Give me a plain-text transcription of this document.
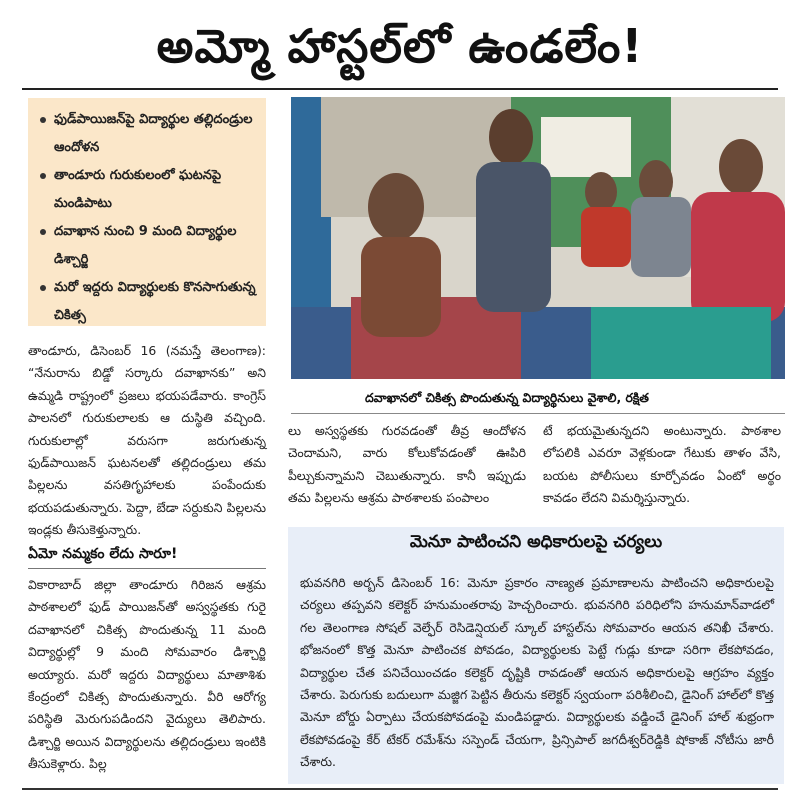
అమ్మో హాస్టల్‌లో ఉండలేం!
ఫుడ్‌పాయిజన్‌పై విద్యార్థుల తల్లిదండ్రుల ఆందోళన
తాండూరు గురుకులంలో ఘటనపై మండిపాటు
దవాఖాన నుంచి 9 మంది విద్యార్థుల డిశ్చార్జి
మరో ఇద్దరు విద్యార్థులకు కొనసాగుతున్న చికిత్స

తాండూరు, డిసెంబర్ 16 (నమస్తే తెలంగాణ): “నేనురాను బిడ్డో సర్కారు దవాఖానకు” అని ఉమ్మడి రాష్ట్రంలో ప్రజలు భయపడేవారు. కాంగ్రెస్ పాలనలో గురుకులాలకు ఆ దుస్థితి వచ్చింది. గురుకులాల్లో వరుసగా జరుగుతున్న ఫుడ్‌పాయిజన్ ఘటనలతో తల్లిదండ్రులు తమ పిల్లలను వసతిగృహాలకు పంపేందుకు భయపడుతున్నారు. పెద్దా, బేడా సర్దుకుని పిల్లలను ఇండ్లకు తీసుకెళ్తున్నారు.

ఏమో నమ్మకం లేదు సారూ!

వికారాబాద్ జిల్లా తాండూరు గిరిజన ఆశ్రమ పాఠశాలలో ఫుడ్ పాయిజన్‌తో అస్వస్థతకు గురై దవాఖానలో చికిత్స పొందుతున్న 11 మంది విద్యార్థుల్లో 9 మంది సోమవారం డిశ్చార్జి అయ్యారు. మరో ఇద్దరు విద్యార్థులు మాతాశిశు కేంద్రంలో చికిత్స పొందుతున్నారు. వీరి ఆరోగ్య పరిస్థితి మెరుగుపడిందని వైద్యులు తెలిపారు. డిశ్చార్జి అయిన విద్యార్థులను తల్లిదండ్రులు ఇంటికి తీసుకెళ్లారు. పిల్ల

దవాఖానలో చికిత్స పొందుతున్న విద్యార్థినులు వైశాలి, రక్షిత

లు అస్వస్థతకు గురవడంతో తీవ్ర ఆందోళన చెందామని, వారు కోలుకోవడంతో ఊపిరి పీల్చుకున్నామని చెబుతున్నారు. కానీ ఇప్పుడు తమ పిల్లలను ఆశ్రమ పాఠశాలకు పంపాలం

టే భయమైతున్నదని అంటున్నారు. పాఠశాల లోపలికి ఎవరూ వెళ్లకుండా గేటుకు తాళం వేసి, బయట పోలీసులు కూర్చోవడం ఏంటో అర్థం కావడం లేదని విమర్శిస్తున్నారు.

మెనూ పాటించని అధికారులపై చర్యలు

భువనగిరి అర్బన్ డిసెంబర్ 16: మెనూ ప్రకారం నాణ్యత ప్రమాణాలను పాటించని అధికారులపై చర్యలు తప్పవని కలెక్టర్ హనుమంతరావు హెచ్చరించారు. భువనగిరి పరిధిలోని హనుమాన్‌వాడలో గల తెలంగాణ సోషల్ వెల్ఫేర్ రెసిడెన్షియల్ స్కూల్ హాస్టల్‌ను సోమవారం ఆయన తనిఖీ చేశారు. భోజనంలో కొత్త మెనూ పాటించక పోవడం, విద్యార్థులకు పెట్టే గుడ్లు కూడా సరిగా లేకపోవడం, విద్యార్థుల చేత పనిచేయించడం కలెక్టర్ దృష్టికి రావడంతో ఆయన అధికారులపై ఆగ్రహం వ్యక్తం చేశారు. పెరుగుకు బదులుగా మజ్జిగ పెట్టిన తీరును కలెక్టర్ స్వయంగా పరిశీలించి, డైనింగ్ హాల్‌లో కొత్త మెనూ బోర్డు ఏర్పాటు చేయకపోవడంపై మండిపడ్డారు. విద్యార్థులకు వడ్డించే డైనింగ్ హాల్ శుభ్రంగా లేకపోవడంపై కేర్ టేకర్ రమేశ్‌ను సస్పెండ్ చేయగా, ప్రిన్సిపాల్ జగదీశ్వర్‌రెడ్డికి షోకాజ్ నోటీసు జారీ చేశారు.
